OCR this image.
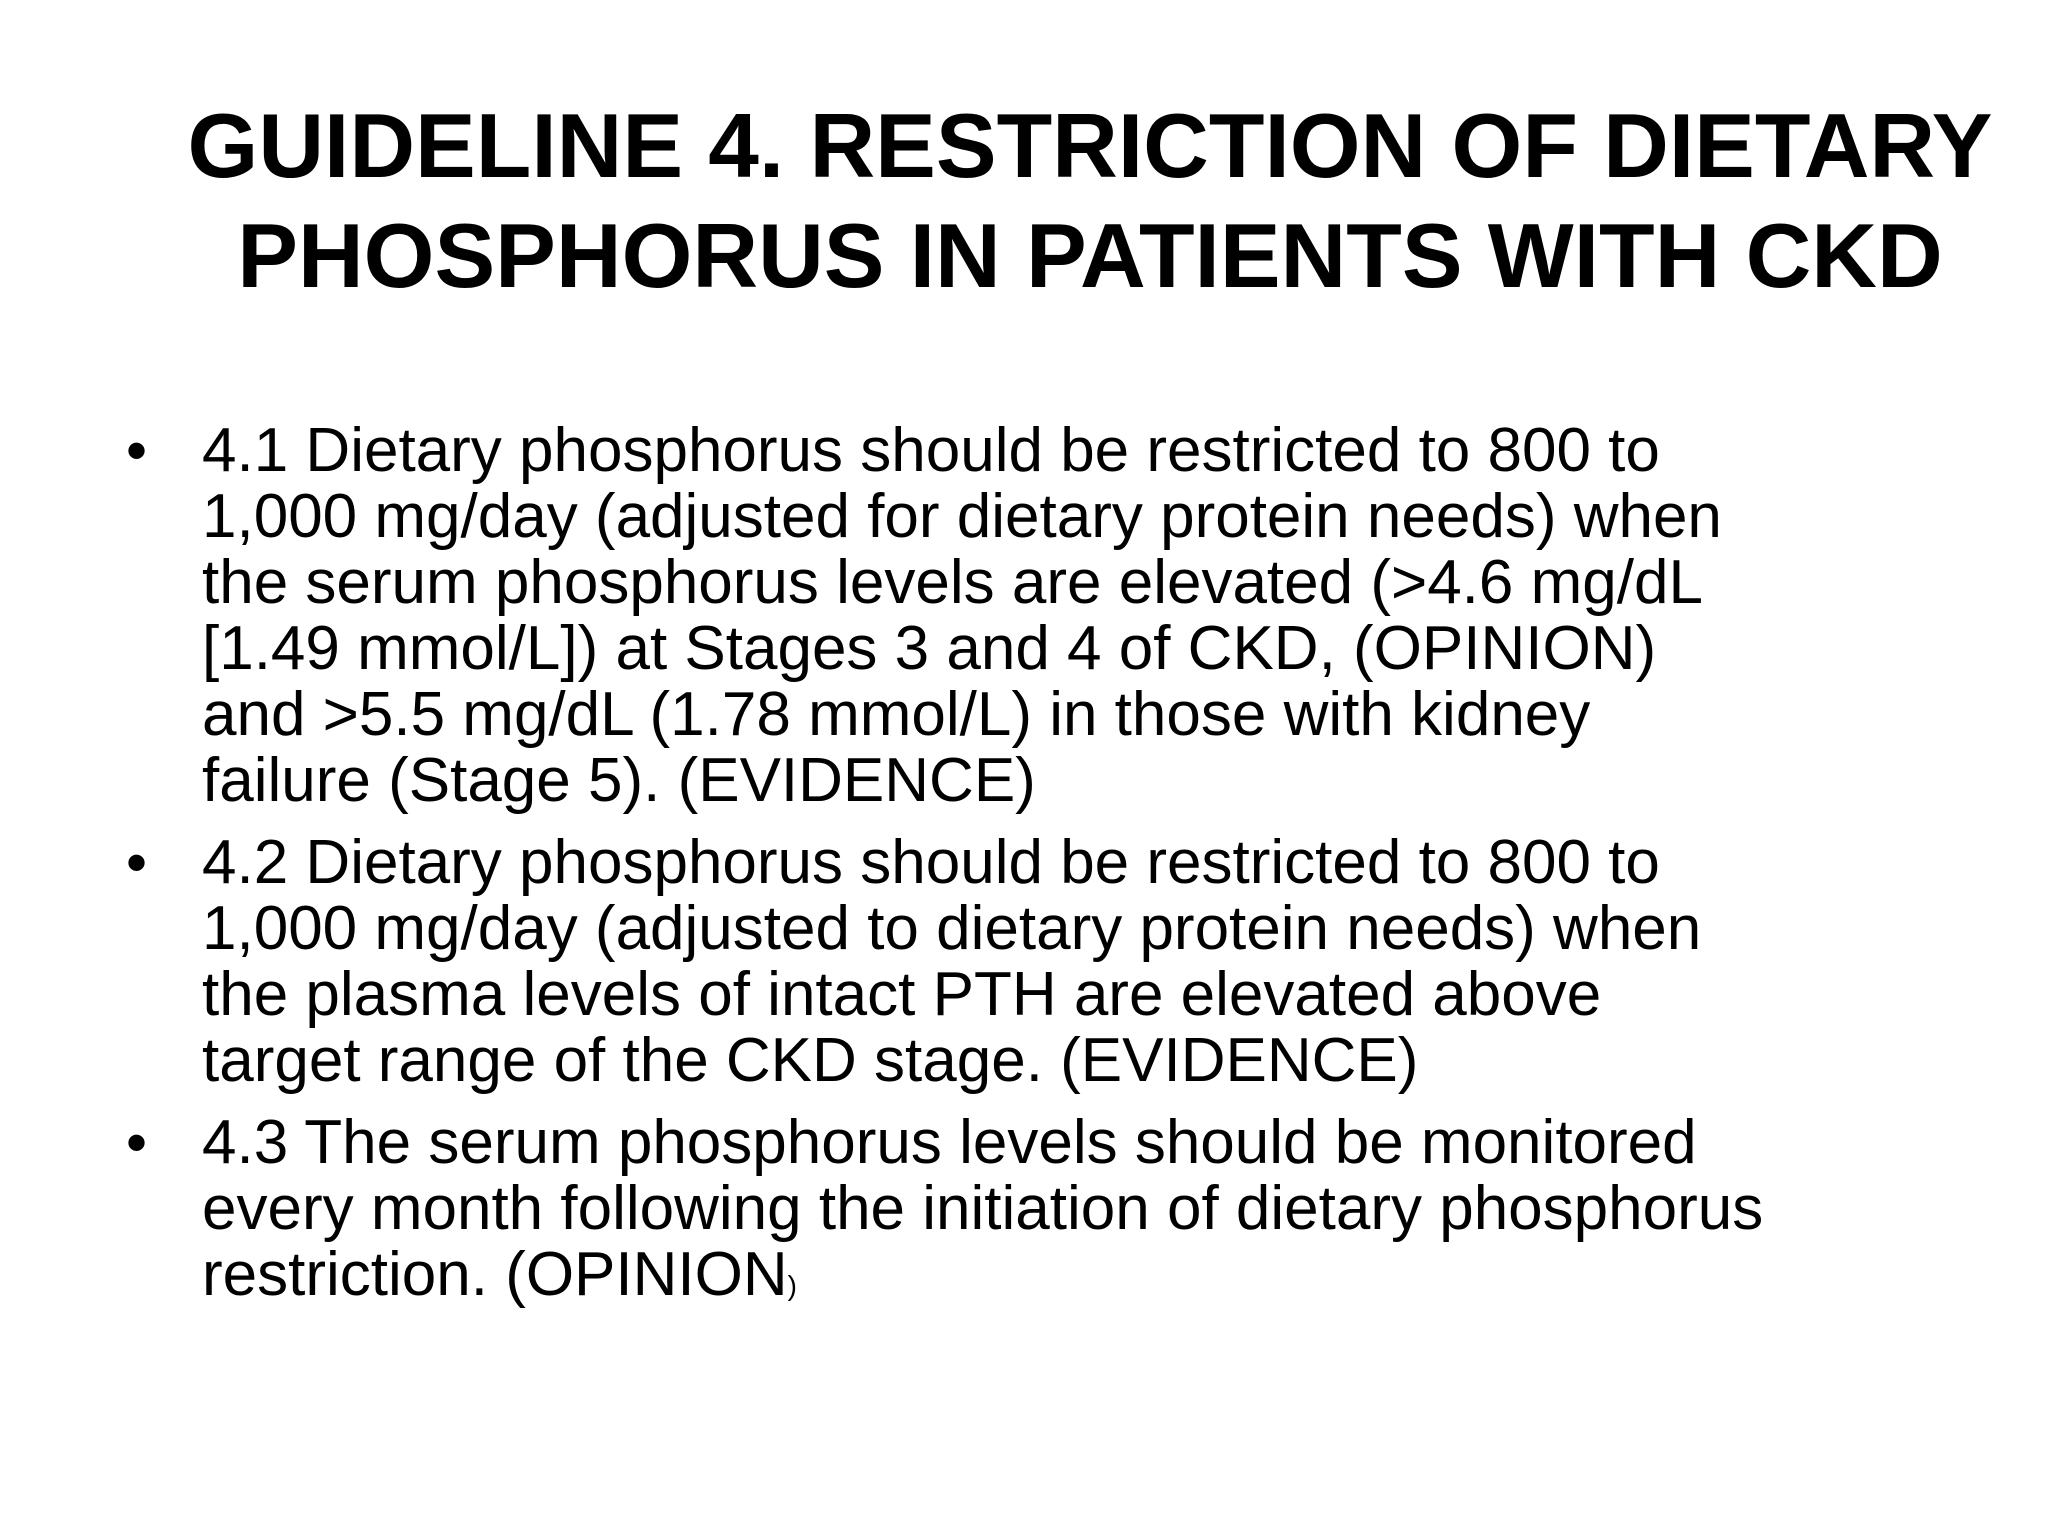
GUIDELINE 4. RESTRICTION OF DIETARY
PHOSPHORUS IN PATIENTS WITH CKD
• 4.1 Dietary phosphorus should be restricted to 800 to
1,000 mg/day (adjusted for dietary protein needs) when
the serum phosphorus levels are elevated (>4.6 mg/dL
[1.49 mmol/L]) at Stages 3 and 4 of CKD, (OPINION)
and >5.5 mg/dL (1.78 mmol/L) in those with kidney
failure (Stage 5). (EVIDENCE)
• 4.2 Dietary phosphorus should be restricted to 800 to
1,000 mg/day (adjusted to dietary protein needs) when
the plasma levels of intact PTH are elevated above
target range of the CKD stage. (EVIDENCE)
• 4.3 The serum phosphorus levels should be monitored
every month following the initiation of dietary phosphorus
restriction. (OPINION)
